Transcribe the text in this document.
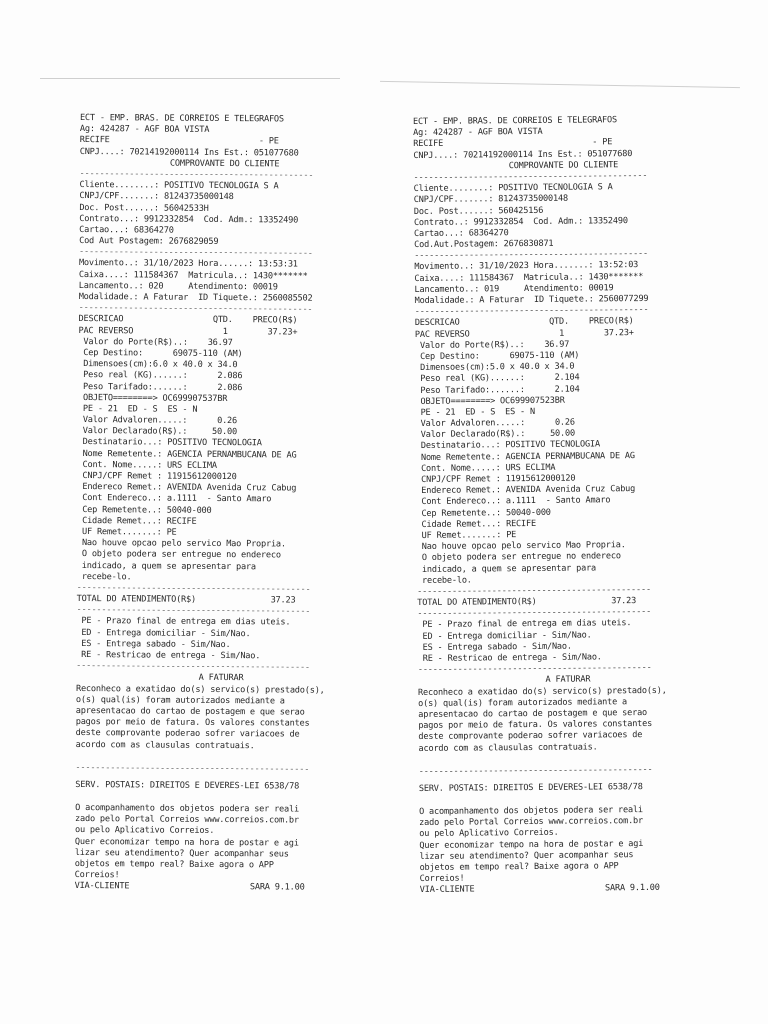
ECT - EMP. BRAS. DE CORREIOS E TELEGRAFOS
Ag: 424287 - AGF BOA VISTA
RECIFE                              - PE
CNPJ....: 70214192000114 Ins Est.: 051077680
COMPROVANTE DO CLIENTE
-----------------------------------------------
Cliente........: POSITIVO TECNOLOGIA S A
CNPJ/CPF.......: 81243735000148
Doc. Post......: 56042533H
Contrato...: 9912332854  Cod. Adm.: 13352490
Cartao...: 68364270
Cod Aut Postagem: 2676829059
-----------------------------------------------
Movimento..: 31/10/2023 Hora......: 13:53:31
Caixa....: 111584367  Matricula..: 1430*******
Lancamento..: 020     Atendimento: 00019
Modalidade.: A Faturar  ID Tiquete.: 2560085502
-----------------------------------------------
DESCRICAO                  QTD.    PRECO(R$)
PAC REVERSO                  1        37.23+
Valor do Porte(R$)..:    36.97
Cep Destino:      69075-110 (AM)
Dimensoes(cm):6.0 x 40.0 x 34.0
Peso real (KG)......:      2.086
Peso Tarifado:......:      2.086
OBJETO========> OC699907537BR
PE - 21  ED - S  ES - N
Valor Advaloren.....:      0.26
Valor Declarado(R$).:     50.00
Destinatario...: POSITIVO TECNOLOGIA
Nome Remetente.: AGENCIA PERNAMBUCANA DE AG
Cont. Nome.....: URS ECLIMA
CNPJ/CPF Remet : 11915612000120
Endereco Remet.: AVENIDA Avenida Cruz Cabug
Cont Endereco..: a.1111  - Santo Amaro
Cep Remetente..: 50040-000
Cidade Remet...: RECIFE
UF Remet.......: PE
Nao houve opcao pelo servico Mao Propria.
O objeto podera ser entregue no endereco
indicado, a quem se apresentar para
recebe-lo.
-----------------------------------------------
TOTAL DO ATENDIMENTO(R$)               37.23
-----------------------------------------------
PE - Prazo final de entrega em dias uteis.
ED - Entrega domiciliar - Sim/Nao.
ES - Entrega sabado - Sim/Nao.
RE - Restricao de entrega - Sim/Nao.
-----------------------------------------------
A FATURAR
Reconheco a exatidao do(s) servico(s) prestado(s),
o(s) qual(is) foram autorizados mediante a
apresentacao do cartao de postagem e que serao
pagos por meio de fatura. Os valores constantes
deste comprovante poderao sofrer variacoes de
acordo com as clausulas contratuais.
-----------------------------------------------
SERV. POSTAIS: DIREITOS E DEVERES-LEI 6538/78
O acompanhamento dos objetos podera ser reali
zado pelo Portal Correios www.correios.com.br
ou pelo Aplicativo Correios.
Quer economizar tempo na hora de postar e agi
lizar seu atendimento? Quer acompanhar seus
objetos em tempo real? Baixe agora o APP
Correios!
VIA-CLIENTE	SARA 9.1.00
ECT - EMP. BRAS. DE CORREIOS E TELEGRAFOS
Ag: 424287 - AGF BOA VISTA
RECIFE                              - PE
CNPJ....: 70214192000114 Ins Est.: 051077680
COMPROVANTE DO CLIENTE
-----------------------------------------------
Cliente........: POSITIVO TECNOLOGIA S A
CNPJ/CPF.......: 81243735000148
Doc. Post......: 560425156
Contrato..: 9912332854  Cod. Adm.: 13352490
Cartao...: 68364270
Cod.Aut.Postagem: 2676830871
-----------------------------------------------
Movimento..: 31/10/2023 Hora.......: 13:52:03
Caixa....: 111584367  Matricula..: 1430*******
Lancamento..: 019     Atendimento: 00019
Modalidade.: A Faturar  ID Tiquete.: 2560077299
-----------------------------------------------
DESCRICAO                  QTD.    PRECO(R$)
PAC REVERSO                  1        37.23+
Valor do Porte(R$)..:    36.97
Cep Destino:      69075-110 (AM)
Dimensoes(cm):5.0 x 40.0 x 34.0
Peso real (KG)......:      2.104
Peso Tarifado:......:      2.104
OBJETO========> OC699907523BR
PE - 21  ED - S  ES - N
Valor Advaloren.....:      0.26
Valor Declarado(R$).:     50.00
Destinatario...: POSITIVO TECNOLOGIA
Nome Remetente.: AGENCIA PERNAMBUCANA DE AG
Cont. Nome.....: URS ECLIMA
CNPJ/CPF Remet : 11915612000120
Endereco Remet.: AVENIDA Avenida Cruz Cabug
Cont Endereco..: a.1111  - Santo Amaro
Cep Remetente..: 50040-000
Cidade Remet...: RECIFE
UF Remet.......: PE
Nao houve opcao pelo servico Mao Propria.
O objeto podera ser entregue no endereco
indicado, a quem se apresentar para
recebe-lo.
-----------------------------------------------
TOTAL DO ATENDIMENTO(R$)               37.23
-----------------------------------------------
PE - Prazo final de entrega em dias uteis.
ED - Entrega domiciliar - Sim/Nao.
ES - Entrega sabado - Sim/Nao.
RE - Restricao de entrega - Sim/Nao.
-----------------------------------------------
A FATURAR
Reconheco a exatidao do(s) servico(s) prestado(s),
o(s) qual(is) foram autorizados mediante a
apresentacao do cartao de postagem e que serao
pagos por meio de fatura. Os valores constantes
deste comprovante poderao sofrer variacoes de
acordo com as clausulas contratuais.
-----------------------------------------------
SERV. POSTAIS: DIREITOS E DEVERES-LEI 6538/78
O acompanhamento dos objetos podera ser reali
zado pelo Portal Correios www.correios.com.br
ou pelo Aplicativo Correios.
Quer economizar tempo na hora de postar e agi
lizar seu atendimento? Quer acompanhar seus
objetos em tempo real? Baixe agora o APP
Correios!
VIA-CLIENTE	SARA 9.1.00
